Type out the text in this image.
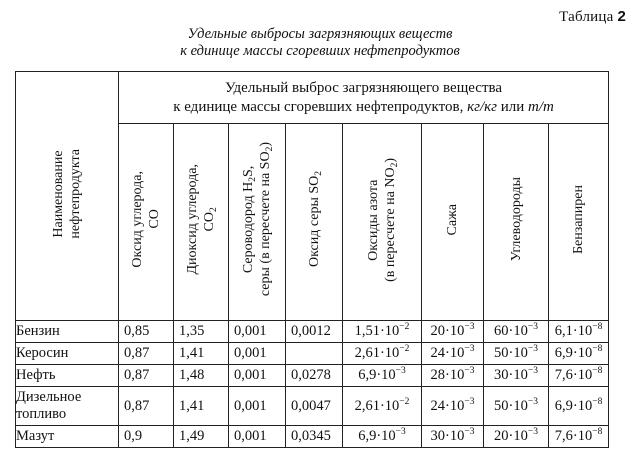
Таблица 2
Удельные выбросы загрязняющих веществ
к единице массы сгоревших нефтепродуктов
Наименование нефтепродукта	Удельный выброс загрязняющего вещества
к единице массы сгоревших нефтепродуктов, кг/кг или т/т							
	Оксид углерода, CO	Диоксид углерода, $CO_2$	Сероводород $H_2S$, серы (в пересчете на $SO_2$)	Оксид серы $SO_2$	Оксиды азота (в пересчете на $NO_2$)	Сажа	Углеводороды	Бензапирен
Бензин	0,85	1,35	0,001	0,0012	$1,51\cdot 10^{-2}$	$20\cdot 10^{-3}$	$60\cdot 10^{-3}$	$6,1\cdot 10^{-8}$
Керосин	0,87	1,41	0,001		$2,61\cdot 10^{-2}$	$24\cdot 10^{-3}$	$50\cdot 10^{-3}$	$6,9\cdot 10^{-8}$
Нефть	0,87	1,48	0,001	0,0278	$6,9\cdot 10^{-3}$	$28\cdot 10^{-3}$	$30\cdot 10^{-3}$	$7,6\cdot 10^{-8}$
Дизельное топливо	0,87	1,41	0,001	0,0047	$2,61\cdot 10^{-2}$	$24\cdot 10^{-3}$	$50\cdot 10^{-3}$	$6,9\cdot 10^{-8}$
Мазут	0,9	1,49	0,001	0,0345	$6,9\cdot 10^{-3}$	$30\cdot 10^{-3}$	$20\cdot 10^{-3}$	$7,6\cdot 10^{-8}$
